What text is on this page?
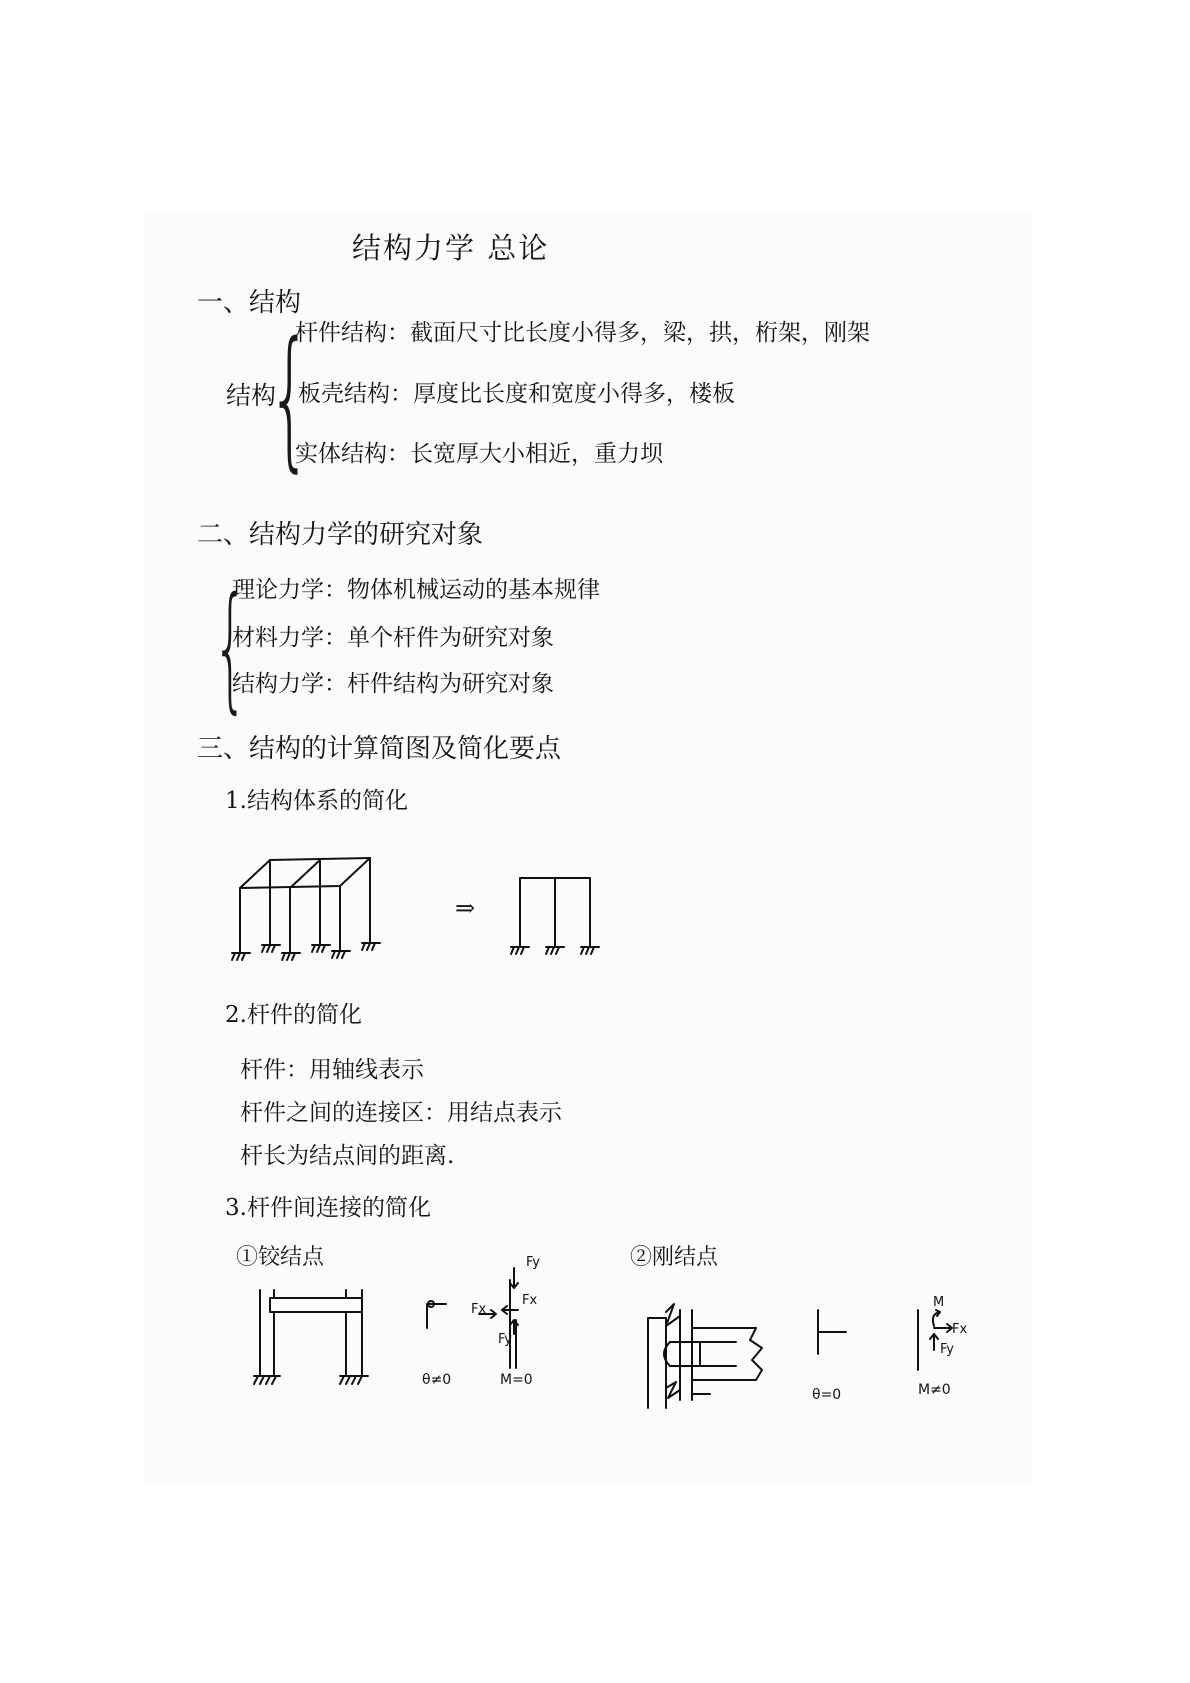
结构力学 总论
一、结构
结构
{
杆件结构：截面尺寸比长度小得多，梁，拱，桁架，刚架
板壳结构：厚度比长度和宽度小得多，楼板
实体结构：长宽厚大小相近，重力坝
二、结构力学的研究对象
{
理论力学：物体机械运动的基本规律
材料力学：单个杆件为研究对象
结构力学：杆件结构为研究对象
三、结构的计算简图及简化要点
1.结构体系的简化
⇒
2.杆件的简化
杆件：用轴线表示
杆件之间的连接区：用结点表示
杆长为结点间的距离.
3.杆件间连接的简化
①铰结点	②刚结点
Fx
Fx
Fy
Fy
θ≠0	M=0
Fx
Fy
M
θ=0	M≠0
